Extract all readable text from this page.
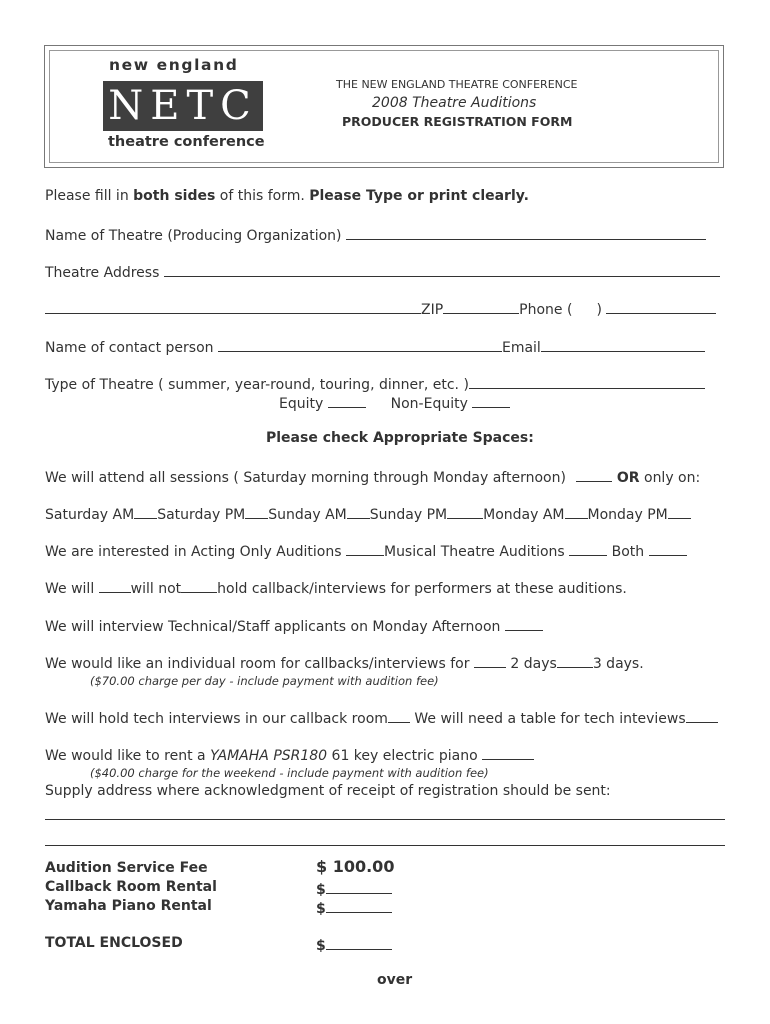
new england
NETC
theatre conference
THE NEW ENGLAND THEATRE CONFERENCE
2008 Theatre Auditions
PRODUCER REGISTRATION FORM
Please fill in both sides of this form. Please Type or print clearly.
Name of Theatre (Producing Organization)
Theatre Address
ZIP	Phone ( )
Name of contact person	Email
Type of Theatre ( summer, year-round, touring, dinner, etc. )
Equity	Non-Equity
Please check Appropriate Spaces:
We will attend all sessions ( Saturday morning through Monday afternoon)	OR only on:
Saturday AM Saturday PM Sunday AM Sunday PM	Monday AM Monday PM
We are interested in Acting Only Auditions	Musical Theatre Auditions	Both
We will	will not	hold callback/interviews for performers at these auditions.
We will interview Technical/Staff applicants on Monday Afternoon
We would like an individual room for callbacks/interviews for	2 days	3 days.
($70.00 charge per day - include payment with audition fee)
We will hold tech interviews in our callback room We will need a table for tech inteviews
We would like to rent a YAMAHA PSR180 61 key electric piano
($40.00 charge for the weekend - include payment with audition fee)
Supply address where acknowledgment of receipt of registration should be sent:
Audition Service Fee	$ 100.00
Callback Room Rental	$
Yamaha Piano Rental	$
TOTAL ENCLOSED	$
over
